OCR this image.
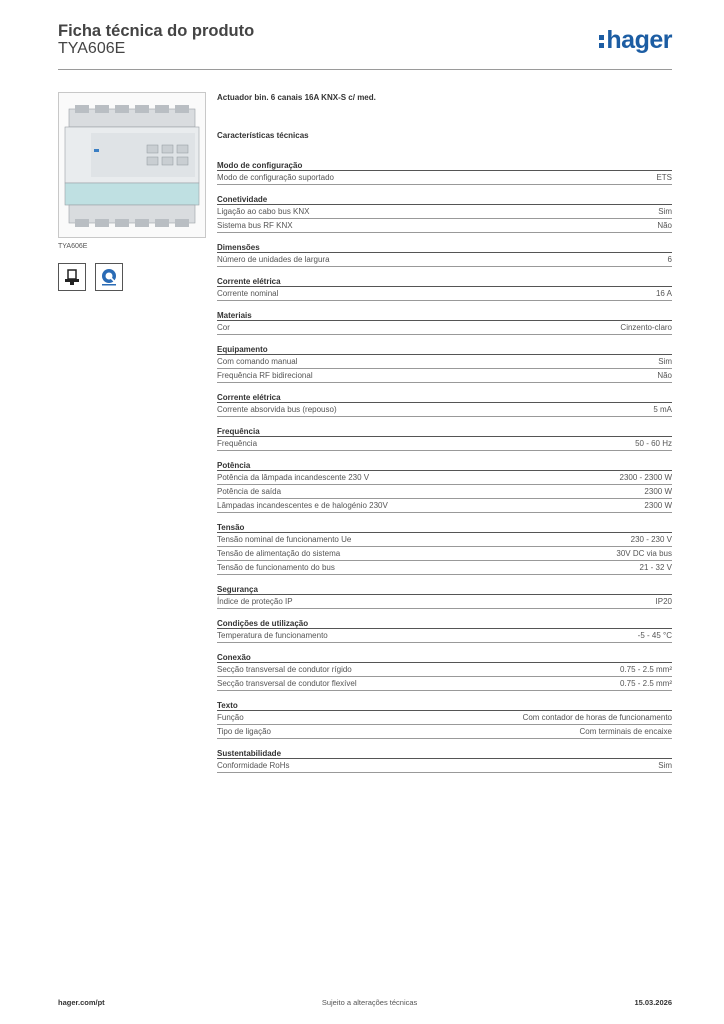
Ficha técnica do produto
TYA606E	hager
TYA606E
Actuador bin. 6 canais 16A KNX-S c/ med.
Características técnicas
Modo de configuração
Modo de configuração suportado	ETS
Conetividade
Ligação ao cabo bus KNX	Sim
Sistema bus RF KNX	Não
Dimensões
Número de unidades de largura	6
Corrente elétrica
Corrente nominal	16 A
Materiais
Cor	Cinzento-claro
Equipamento
Com comando manual	Sim
Frequência RF bidirecional	Não
Corrente elétrica
Corrente absorvida bus (repouso)	5 mA
Frequência
Frequência	50 - 60 Hz
Potência
Potência da lâmpada incandescente 230 V	2300 - 2300 W
Potência de saída	2300 W
Lâmpadas incandescentes e de halogénio 230V	2300 W
Tensão
Tensão nominal de funcionamento Ue	230 - 230 V
Tensão de alimentação do sistema	30V DC via bus
Tensão de funcionamento do bus	21 - 32 V
Segurança
Índice de proteção IP	IP20
Condições de utilização
Temperatura de funcionamento	-5 - 45 °C
Conexão
Secção transversal de condutor rígido	0.75 - 2.5 mm²
Secção transversal de condutor flexível	0.75 - 2.5 mm²
Texto
Função	Com contador de horas de funcionamento
Tipo de ligação	Com terminais de encaixe
Sustentabilidade
Conformidade RoHs	Sim
hager.com/pt	Sujeito a alterações técnicas	15.03.2026
